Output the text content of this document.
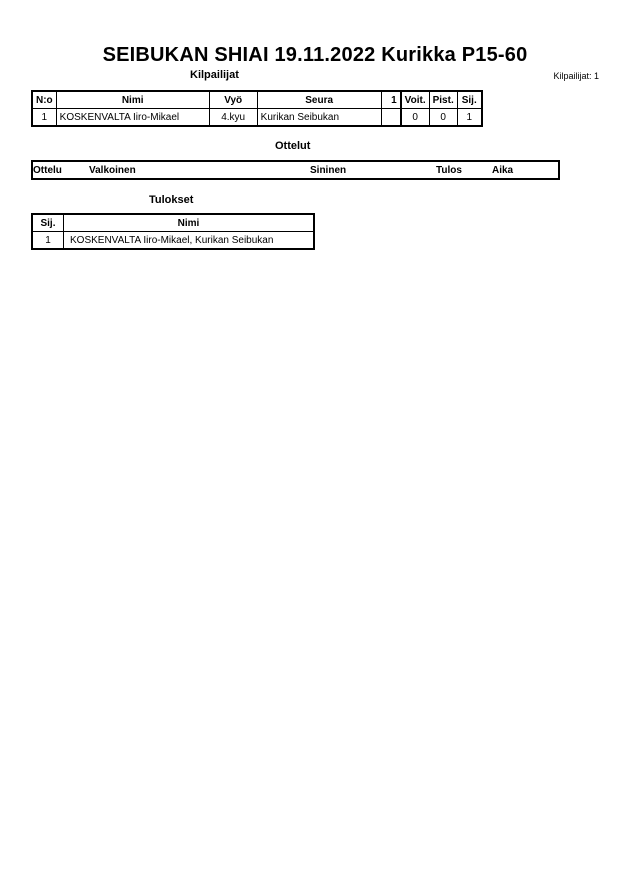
SEIBUKAN SHIAI 19.11.2022 Kurikka P15-60
Kilpailijat	Kilpailijat: 1
N:o	Nimi	Vyö	Seura	1	Voit.	Pist.	Sij.
1	KOSKENVALTA Iiro-Mikael	4.kyu	Kurikan Seibukan		0	0	1
Ottelut
Ottelu	Valkoinen	Sininen	Tulos	Aika
Tulokset
Sij.	Nimi
1	KOSKENVALTA Iiro-Mikael, Kurikan Seibukan
